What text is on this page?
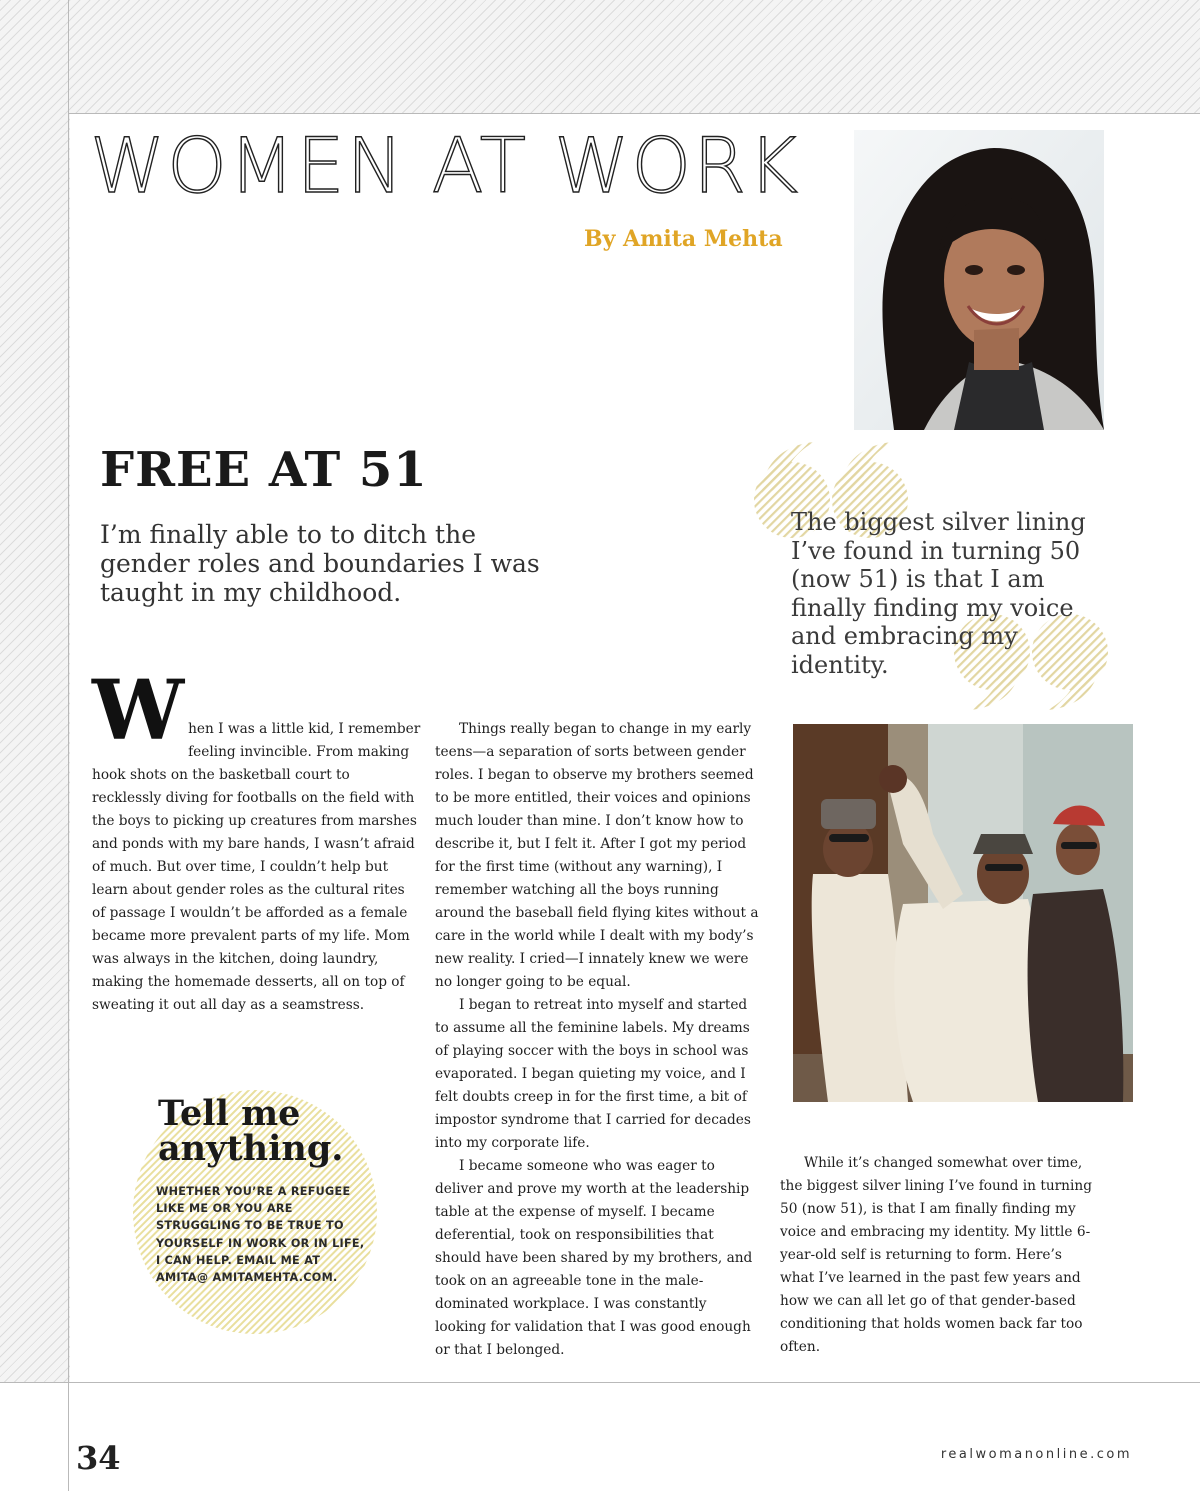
WOMEN AT WORK
By Amita Mehta
FREE AT 51

I’m finally able to to ditch the gender roles and boundaries I was taught in my childhood.

The biggest silver lining I’ve found in turning 50 (now 51) is that I am finally finding my voice and embracing my identity.

When I was a little kid, I remember feeling invincible. From making hook shots on the basketball court to recklessly diving for footballs on the field with the boys to picking up creatures from marshes and ponds with my bare hands, I wasn’t afraid of much. But over time, I couldn’t help but learn about gender roles as the cultural rites of passage I wouldn’t be afforded as a female became more prevalent parts of my life. Mom was always in the kitchen, doing laundry, making the homemade desserts, all on top of sweating it out all day as a seamstress.

Things really began to change in my early teens—a separation of sorts between gender roles. I began to observe my brothers seemed to be more entitled, their voices and opinions much louder than mine. I don’t know how to describe it, but I felt it. After I got my period for the first time (without any warning), I remember watching all the boys running around the baseball field flying kites without a care in the world while I dealt with my body’s new reality. I cried—I innately knew we were no longer going to be equal.

I began to retreat into myself and started to assume all the feminine labels. My dreams of playing soccer with the boys in school was evaporated. I began quieting my voice, and I felt doubts creep in for the first time, a bit of impostor syndrome that I carried for decades into my corporate life.

I became someone who was eager to deliver and prove my worth at the leadership table at the expense of myself. I became deferential, took on responsibilities that should have been shared by my brothers, and took on an agreeable tone in the male-dominated workplace. I was constantly looking for validation that I was good enough or that I belonged.

While it’s changed somewhat over time, the biggest silver lining I’ve found in turning 50 (now 51), is that I am finally finding my voice and embracing my identity. My little 6-year-old self is returning to form. Here’s what I’ve learned in the past few years and how we can all let go of that gender-based conditioning that holds women back far too often.

Tell me anything.

WHETHER YOU’RE A REFUGEE LIKE ME OR YOU ARE STRUGGLING TO BE TRUE TO YOURSELF IN WORK OR IN LIFE, I CAN HELP. EMAIL ME AT AMITA@ AMITAMEHTA.COM.

34	realwomanonline.com
